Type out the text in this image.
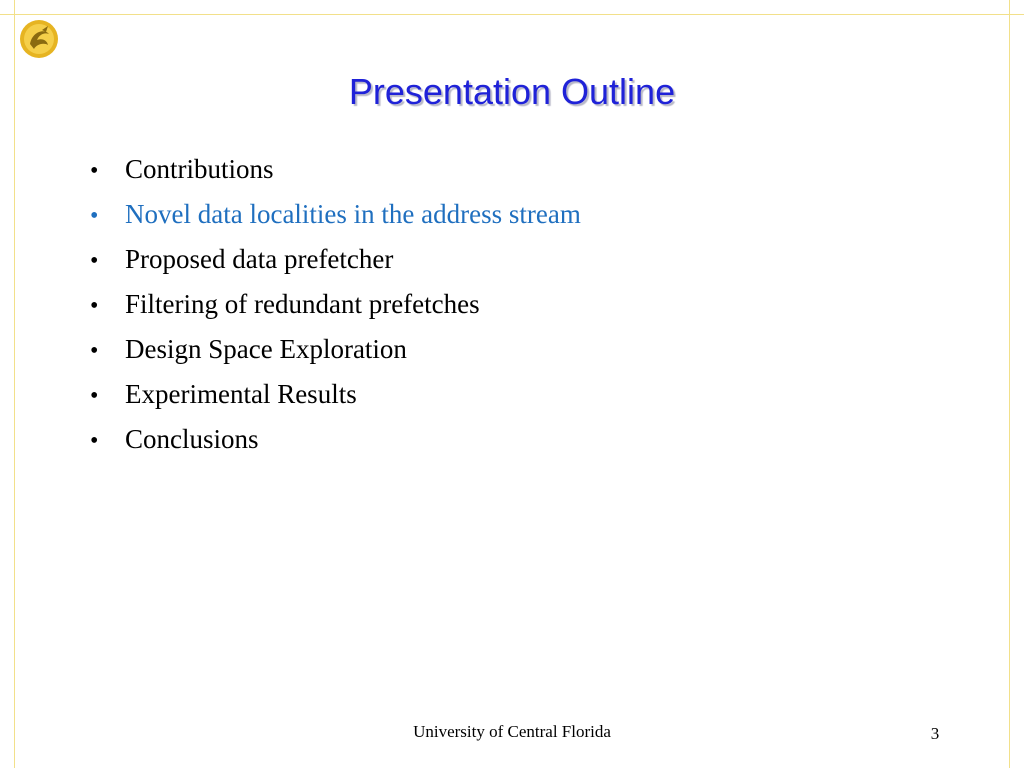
Presentation Outline
• Contributions
• Novel data localities in the address stream
• Proposed data prefetcher
• Filtering of redundant prefetches
• Design Space Exploration
• Experimental Results
• Conclusions
University of Central Florida	3
